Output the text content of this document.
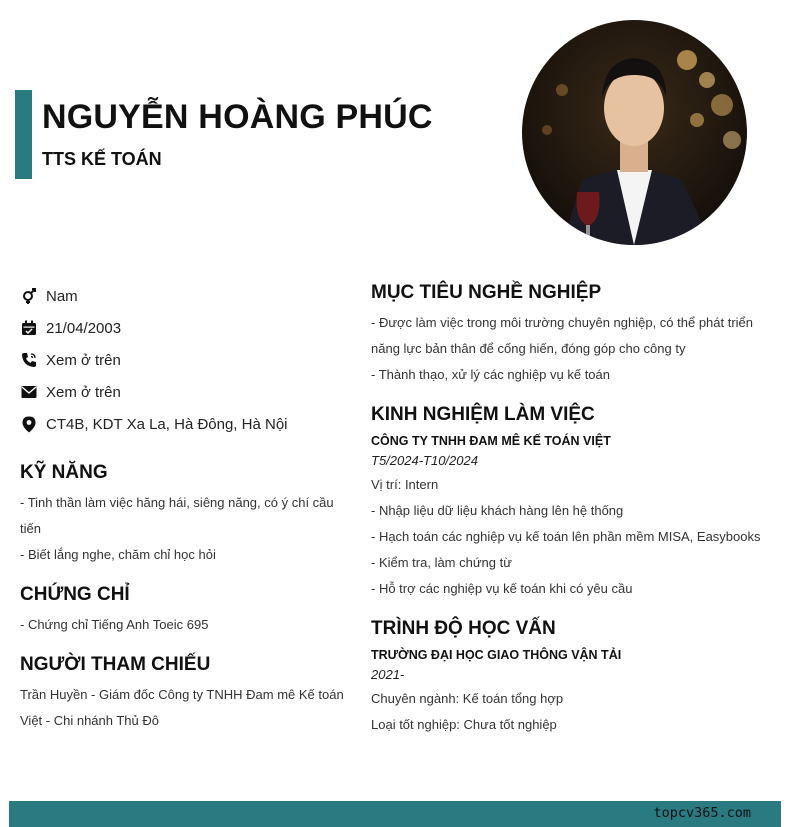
NGUYỄN HOÀNG PHÚC
TTS KẾ TOÁN
Nam
21/04/2003
Xem ở trên
Xem ở trên
CT4B, KDT Xa La, Hà Đông, Hà Nội
KỸ NĂNG
- Tinh thần làm việc hăng hái, siêng năng, có ý chí cầu tiến
- Biết lắng nghe, chăm chỉ học hỏi
CHỨNG CHỈ
- Chứng chỉ Tiếng Anh Toeic 695
NGƯỜI THAM CHIẾU
Trần Huyền - Giám đốc Công ty TNHH Đam mê Kế toán Việt - Chi nhánh Thủ Đô
MỤC TIÊU NGHỀ NGHIỆP
- Được làm việc trong môi trường chuyên nghiệp, có thể phát triển năng lực bản thân để cống hiến, đóng góp cho công ty
- Thành thạo, xử lý các nghiệp vụ kế toán
KINH NGHIỆM LÀM VIỆC
CÔNG TY TNHH ĐAM MÊ KẾ TOÁN VIỆT
T5/2024-T10/2024
Vị trí: Intern
- Nhập liệu dữ liệu khách hàng lên hệ thống
- Hạch toán các nghiệp vụ kế toán lên phần mềm MISA, Easybooks
- Kiểm tra, làm chứng từ
- Hỗ trợ các nghiệp vụ kế toán khi có yêu cầu
TRÌNH ĐỘ HỌC VẤN
TRƯỜNG ĐẠI HỌC GIAO THÔNG VẬN TẢI
2021-
Chuyên ngành: Kế toán tổng hợp
Loại tốt nghiệp: Chưa tốt nghiệp
topcv365.com
